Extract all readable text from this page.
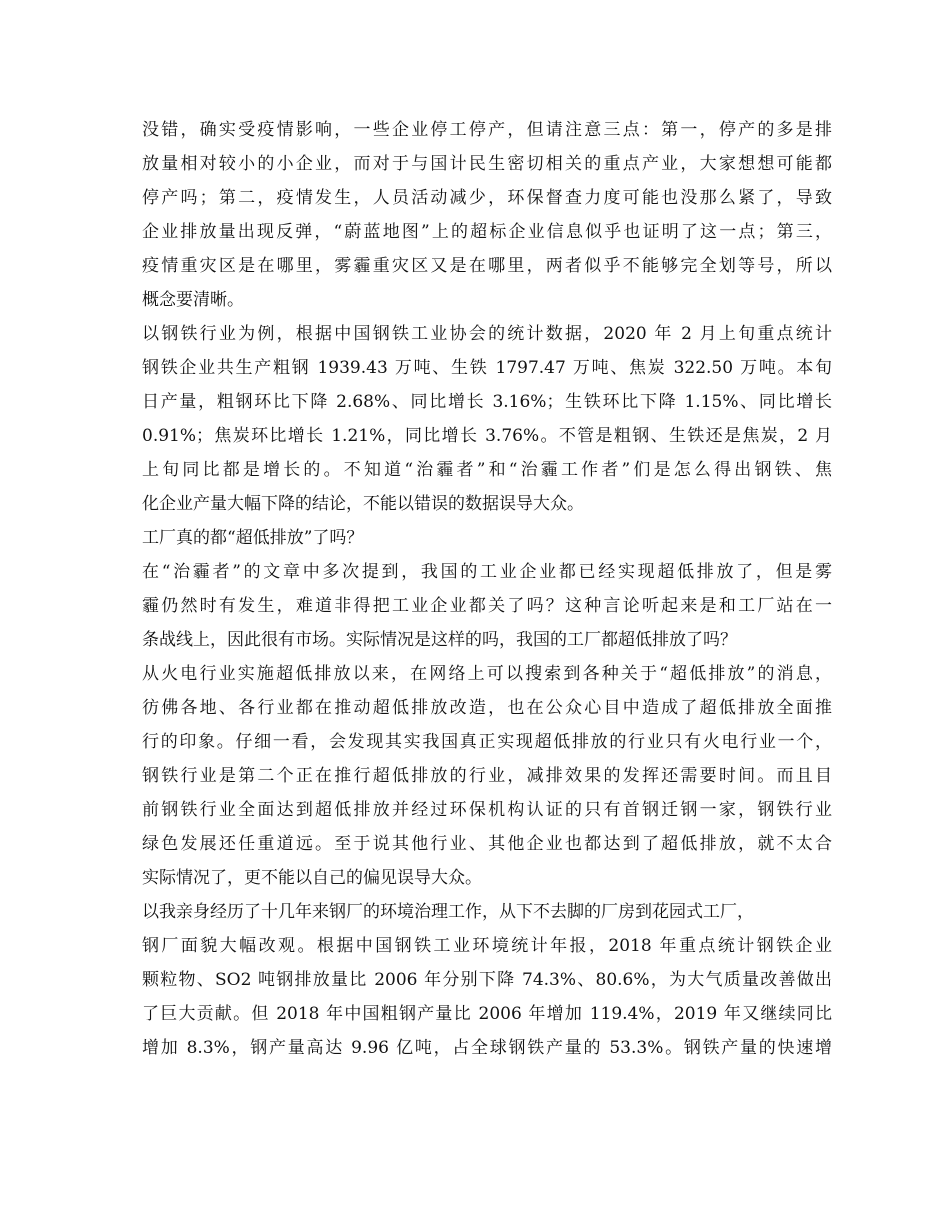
没错，确实受疫情影响，一些企业停工停产，但请注意三点：第一，停产的多是排
放量相对较小的小企业，而对于与国计民生密切相关的重点产业，大家想想可能都
停产吗；第二，疫情发生，人员活动减少，环保督查力度可能也没那么紧了，导致
企业排放量出现反弹，“蔚蓝地图”上的超标企业信息似乎也证明了这一点；第三，
疫情重灾区是在哪里，雾霾重灾区又是在哪里，两者似乎不能够完全划等号，所以
概念要清晰。
以钢铁行业为例，根据中国钢铁工业协会的统计数据，2020 年 2 月上旬重点统计
钢铁企业共生产粗钢 1939.43 万吨、生铁 1797.47 万吨、焦炭 322.50 万吨。本旬
日产量，粗钢环比下降 2.68%、同比增长 3.16%；生铁环比下降 1.15%、同比增长
0.91%；焦炭环比增长 1.21%，同比增长 3.76%。不管是粗钢、生铁还是焦炭，2 月
上旬同比都是增长的。不知道“治霾者”和“治霾工作者”们是怎么得出钢铁、焦
化企业产量大幅下降的结论，不能以错误的数据误导大众。
工厂真的都“超低排放”了吗？
在“治霾者”的文章中多次提到，我国的工业企业都已经实现超低排放了，但是雾
霾仍然时有发生，难道非得把工业企业都关了吗？这种言论听起来是和工厂站在一
条战线上，因此很有市场。实际情况是这样的吗，我国的工厂都超低排放了吗？
从火电行业实施超低排放以来，在网络上可以搜索到各种关于“超低排放”的消息，
彷佛各地、各行业都在推动超低排放改造，也在公众心目中造成了超低排放全面推
行的印象。仔细一看，会发现其实我国真正实现超低排放的行业只有火电行业一个，
钢铁行业是第二个正在推行超低排放的行业，减排效果的发挥还需要时间。而且目
前钢铁行业全面达到超低排放并经过环保机构认证的只有首钢迁钢一家，钢铁行业
绿色发展还任重道远。至于说其他行业、其他企业也都达到了超低排放，就不太合
实际情况了，更不能以自己的偏见误导大众。
以我亲身经历了十几年来钢厂的环境治理工作，从下不去脚的厂房到花园式工厂，
钢厂面貌大幅改观。根据中国钢铁工业环境统计年报，2018 年重点统计钢铁企业
颗粒物、SO2 吨钢排放量比 2006 年分别下降 74.3%、80.6%，为大气质量改善做出
了巨大贡献。但 2018 年中国粗钢产量比 2006 年增加 119.4%，2019 年又继续同比
增加 8.3%，钢产量高达 9.96 亿吨，占全球钢铁产量的 53.3%。钢铁产量的快速增
